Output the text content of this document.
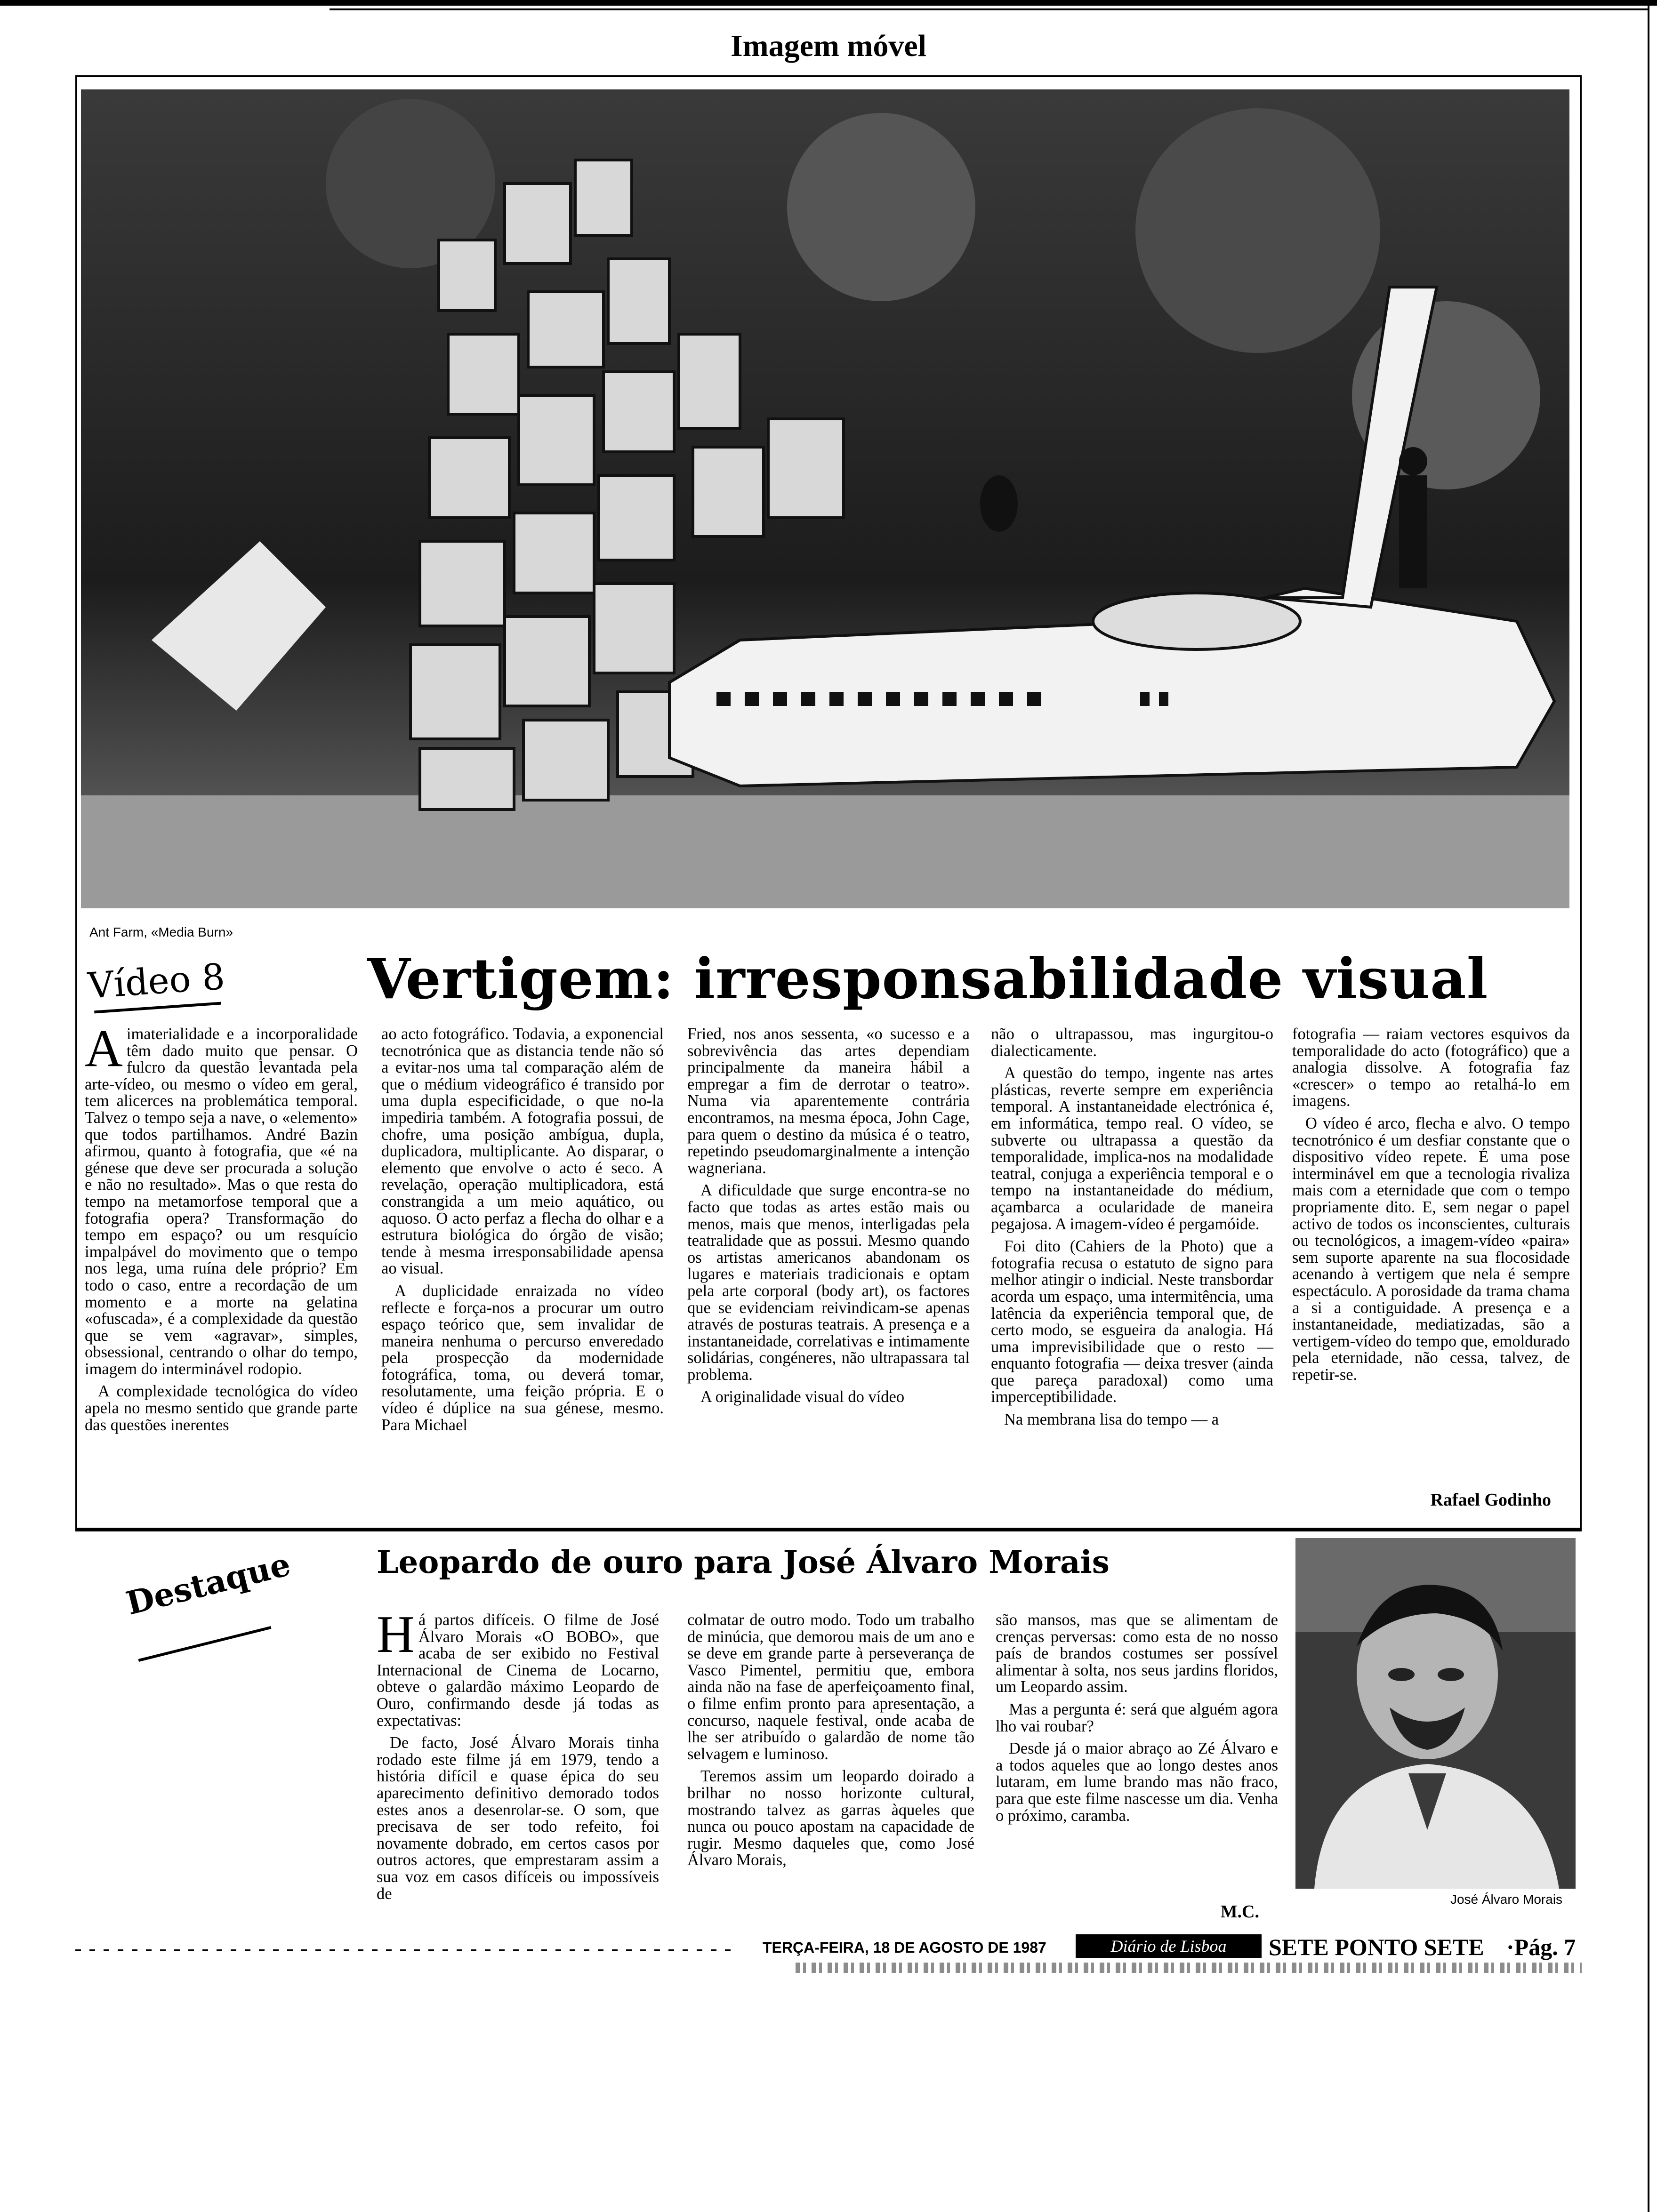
Imagem móvel
Ant Farm, «Media Burn»
Vídeo 8	Vertigem: irresponsabilidade visual

Aimaterialidade e a incorporalidade têm dado muito que pensar. O fulcro da questão levantada pela arte-vídeo, ou mesmo o vídeo em geral, tem alicerces na problemática temporal. Talvez o tempo seja a nave, o «elemento» que todos partilhamos. André Bazin afirmou, quanto à fotografia, que «é na génese que deve ser procurada a solução e não no resultado». Mas o que resta do tempo na metamorfose temporal que a fotografia opera? Transformação do tempo em espaço? ou um resquício impalpável do movimento que o tempo nos lega, uma ruína dele próprio? Em todo o caso, entre a recordação de um momento e a morte na gelatina «ofuscada», é a complexidade da questão que se vem «agravar», simples, obsessional, centrando o olhar do tempo, imagem do interminável rodopio.

A complexidade tecnológica do vídeo apela no mesmo sentido que grande parte das questões inerentes

ao acto fotográfico. Todavia, a exponencial tecnotrónica que as distancia tende não só a evitar-nos uma tal comparação além de que o médium videográfico é transido por uma dupla especificidade, o que no-la impediria também. A fotografia possui, de chofre, uma posição ambígua, dupla, duplicadora, multiplicante. Ao disparar, o elemento que envolve o acto é seco. A revelação, operação multiplicadora, está constrangida a um meio aquático, ou aquoso. O acto perfaz a flecha do olhar e a estrutura biológica do órgão de visão; tende à mesma irresponsabilidade apensa ao visual.

A duplicidade enraizada no vídeo reflecte e força-nos a procurar um outro espaço teórico que, sem invalidar de maneira nenhuma o percurso enveredado pela prospecção da modernidade fotográfica, toma, ou deverá tomar, resolutamente, uma feição própria. E o vídeo é dúplice na sua génese, mesmo. Para Michael

Fried, nos anos sessenta, «o sucesso e a sobrevivência das artes dependiam principalmente da maneira hábil a empregar a fim de derrotar o teatro». Numa via aparentemente contrária encontramos, na mesma época, John Cage, para quem o destino da música é o teatro, repetindo pseudomarginalmente a intenção wagneriana.

A dificuldade que surge encontra-se no facto que todas as artes estão mais ou menos, mais que menos, interligadas pela teatralidade que as possui. Mesmo quando os artistas americanos abandonam os lugares e materiais tradicionais e optam pela arte corporal (body art), os factores que se evidenciam reivindicam-se apenas através de posturas teatrais. A presença e a instantaneidade, correlativas e intimamente solidárias, congéneres, não ultrapassara tal problema.

A originalidade visual do vídeo

não o ultrapassou, mas ingurgitou-o dialecticamente.

A questão do tempo, ingente nas artes plásticas, reverte sempre em experiência temporal. A instantaneidade electrónica é, em informática, tempo real. O vídeo, se subverte ou ultrapassa a questão da temporalidade, implica-nos na modalidade teatral, conjuga a experiência temporal e o tempo na instantaneidade do médium, açambarca a ocularidade de maneira pegajosa. A imagem-vídeo é pergamóide.

Foi dito (Cahiers de la Photo) que a fotografia recusa o estatuto de signo para melhor atingir o indicial. Neste transbordar acorda um espaço, uma intermitência, uma latência da experiência temporal que, de certo modo, se esgueira da analogia. Há uma imprevisibilidade que o resto — enquanto fotografia — deixa tresver (ainda que pareça paradoxal) como uma imperceptibilidade.

Na membrana lisa do tempo — a

fotografia — raiam vectores esquivos da temporalidade do acto (fotográfico) que a analogia dissolve. A fotografia faz «crescer» o tempo ao retalhá-lo em imagens.

O vídeo é arco, flecha e alvo. O tempo tecnotrónico é um desfiar constante que o dispositivo vídeo repete. É uma pose interminável em que a tecnologia rivaliza mais com a eternidade que com o tempo propriamente dito. E, sem negar o papel activo de todos os inconscientes, culturais ou tecnológicos, a imagem-vídeo «paira» sem suporte aparente na sua flocosidade acenando à vertigem que nela é sempre espectáculo. A porosidade da trama chama a si a contiguidade. A presença e a instantaneidade, mediatizadas, são a vertigem-vídeo do tempo que, emoldurado pela eternidade, não cessa, talvez, de repetir-se.

Rafael Godinho
Destaque	Leopardo de ouro para José Álvaro Morais

Há partos difíceis. O filme de José Álvaro Morais «O BOBO», que acaba de ser exibido no Festival Internacional de Cinema de Locarno, obteve o galardão máximo Leopardo de Ouro, confirmando desde já todas as expectativas:

De facto, José Álvaro Morais tinha rodado este filme já em 1979, tendo a história difícil e quase épica do seu aparecimento definitivo demorado todos estes anos a desenrolar-se. O som, que precisava de ser todo refeito, foi novamente dobrado, em certos casos por outros actores, que emprestaram assim a sua voz em casos difíceis ou impossíveis de

colmatar de outro modo. Todo um trabalho de minúcia, que demorou mais de um ano e se deve em grande parte à perseverança de Vasco Pimentel, permitiu que, embora ainda não na fase de aperfeiçoamento final, o filme enfim pronto para apresentação, a concurso, naquele festival, onde acaba de lhe ser atribuído o galardão de nome tão selvagem e luminoso.

Teremos assim um leopardo doirado a brilhar no nosso horizonte cultural, mostrando talvez as garras àqueles que nunca ou pouco apostam na capacidade de rugir. Mesmo daqueles que, como José Álvaro Morais,

são mansos, mas que se alimentam de crenças perversas: como esta de no nosso país de brandos costumes ser possível alimentar à solta, nos seus jardins floridos, um Leopardo assim.

Mas a pergunta é: será que alguém agora lho vai roubar?

Desde já o maior abraço ao Zé Álvaro e a todos aqueles que ao longo destes anos lutaram, em lume brando mas não fraco, para que este filme nascesse um dia. Venha o próximo, caramba.

M.C.
José Álvaro Morais
TERÇA-FEIRA, 18 DE AGOSTO DE 1987	Diário de Lisboa	SETE PONTO SETE ·Pág. 7
